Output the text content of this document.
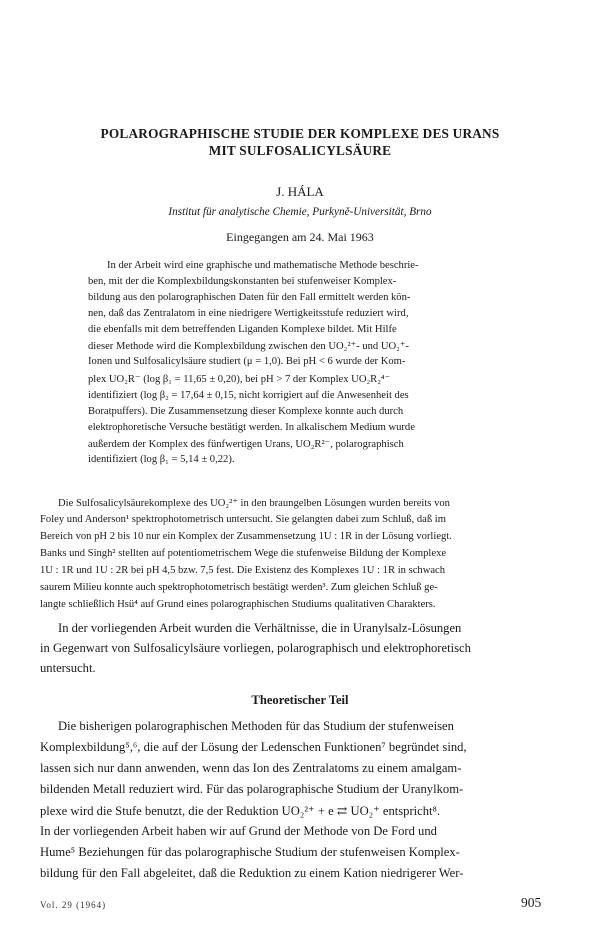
POLAROGRAPHISCHE STUDIE DER KOMPLEXE DES URANS

MIT SULFOSALICYLSÄURE

J. HÁLA

Institut für analytische Chemie, Purkyně-Universität, Brno

Eingegangen am 24. Mai 1963

In der Arbeit wird eine graphische und mathematische Methode beschrie-

ben, mit der die Komplexbildungskonstanten bei stufenweiser Komplex-

bildung aus den polarographischen Daten für den Fall ermittelt werden kön-

nen, daß das Zentralatom in eine niedrigere Wertigkeitsstufe reduziert wird,

die ebenfalls mit dem betreffenden Liganden Komplexe bildet. Mit Hilfe

dieser Methode wird die Komplexbildung zwischen den UO₂²⁺- und UO₂⁺-

Ionen und Sulfosalicylsäure studiert (μ = 1,0). Bei pH < 6 wurde der Kom-

plex UO₂R⁻ (log β₁ = 11,65 ± 0,20), bei pH > 7 der Komplex UO₂R₂⁴⁻

identifiziert (log β₂ = 17,64 ± 0,15, nicht korrigiert auf die Anwesenheit des

Boratpuffers). Die Zusammensetzung dieser Komplexe konnte auch durch

elektrophoretische Versuche bestätigt werden. In alkalischem Medium wurde

außerdem der Komplex des fünfwertigen Urans, UO₂R²⁻, polarographisch

identifiziert (log β₁ = 5,14 ± 0,22).

Die Sulfosalicylsäurekomplexe des UO₂²⁺ in den braungelben Lösungen wurden bereits von

Foley und Anderson¹ spektrophotometrisch untersucht. Sie gelangten dabei zum Schluß, daß im

Bereich von pH 2 bis 10 nur ein Komplex der Zusammensetzung 1U : 1R in der Lösung vorliegt.

Banks und Singh² stellten auf potentiometrischem Wege die stufenweise Bildung der Komplexe

1U : 1R und 1U : 2R bei pH 4,5 bzw. 7,5 fest. Die Existenz des Komplexes 1U : 1R in schwach

saurem Milieu konnte auch spektrophotometrisch bestätigt werden³. Zum gleichen Schluß ge-

langte schließlich Hsü⁴ auf Grund eines polarographischen Studiums qualitativen Charakters.

In der vorliegenden Arbeit wurden die Verhältnisse, die in Uranylsalz-Lösungen

in Gegenwart von Sulfosalicylsäure vorliegen, polarographisch und elektrophoretisch

untersucht.

Theoretischer Teil

Die bisherigen polarographischen Methoden für das Studium der stufenweisen

Komplexbildung⁵,⁶, die auf der Lösung der Ledenschen Funktionen⁷ begründet sind,

lassen sich nur dann anwenden, wenn das Ion des Zentralatoms zu einem amalgam-

bildenden Metall reduziert wird. Für das polarographische Studium der Uranylkom-

plexe wird die Stufe benutzt, die der Reduktion UO₂²⁺ + e ⇄ UO₂⁺ entspricht⁸.

In der vorliegenden Arbeit haben wir auf Grund der Methode von De Ford und

Hume⁵ Beziehungen für das polarographische Studium der stufenweisen Komplex-

bildung für den Fall abgeleitet, daß die Reduktion zu einem Kation niedrigerer Wer-

Vol. 29 (1964)	905
